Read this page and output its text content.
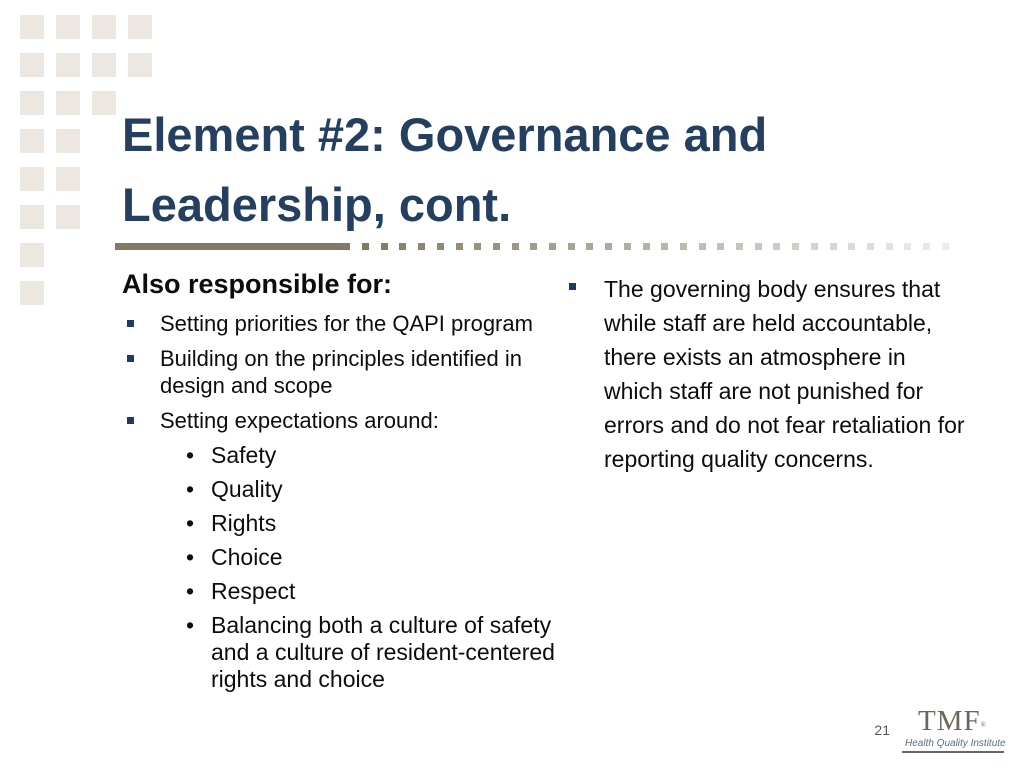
Element #2: Governance and Leadership, cont.
Also responsible for:
Setting priorities for the QAPI program
Building on the principles identified in design and scope
Setting expectations around:
• Safety
• Quality
• Rights
• Choice
• Respect
• Balancing both a culture of safety and a culture of resident-centered rights and choice
The governing body ensures that while staff are held accountable, there exists an atmosphere in which staff are not punished for errors and do not fear retaliation for reporting quality concerns.
21 TMF®
Health Quality Institute
